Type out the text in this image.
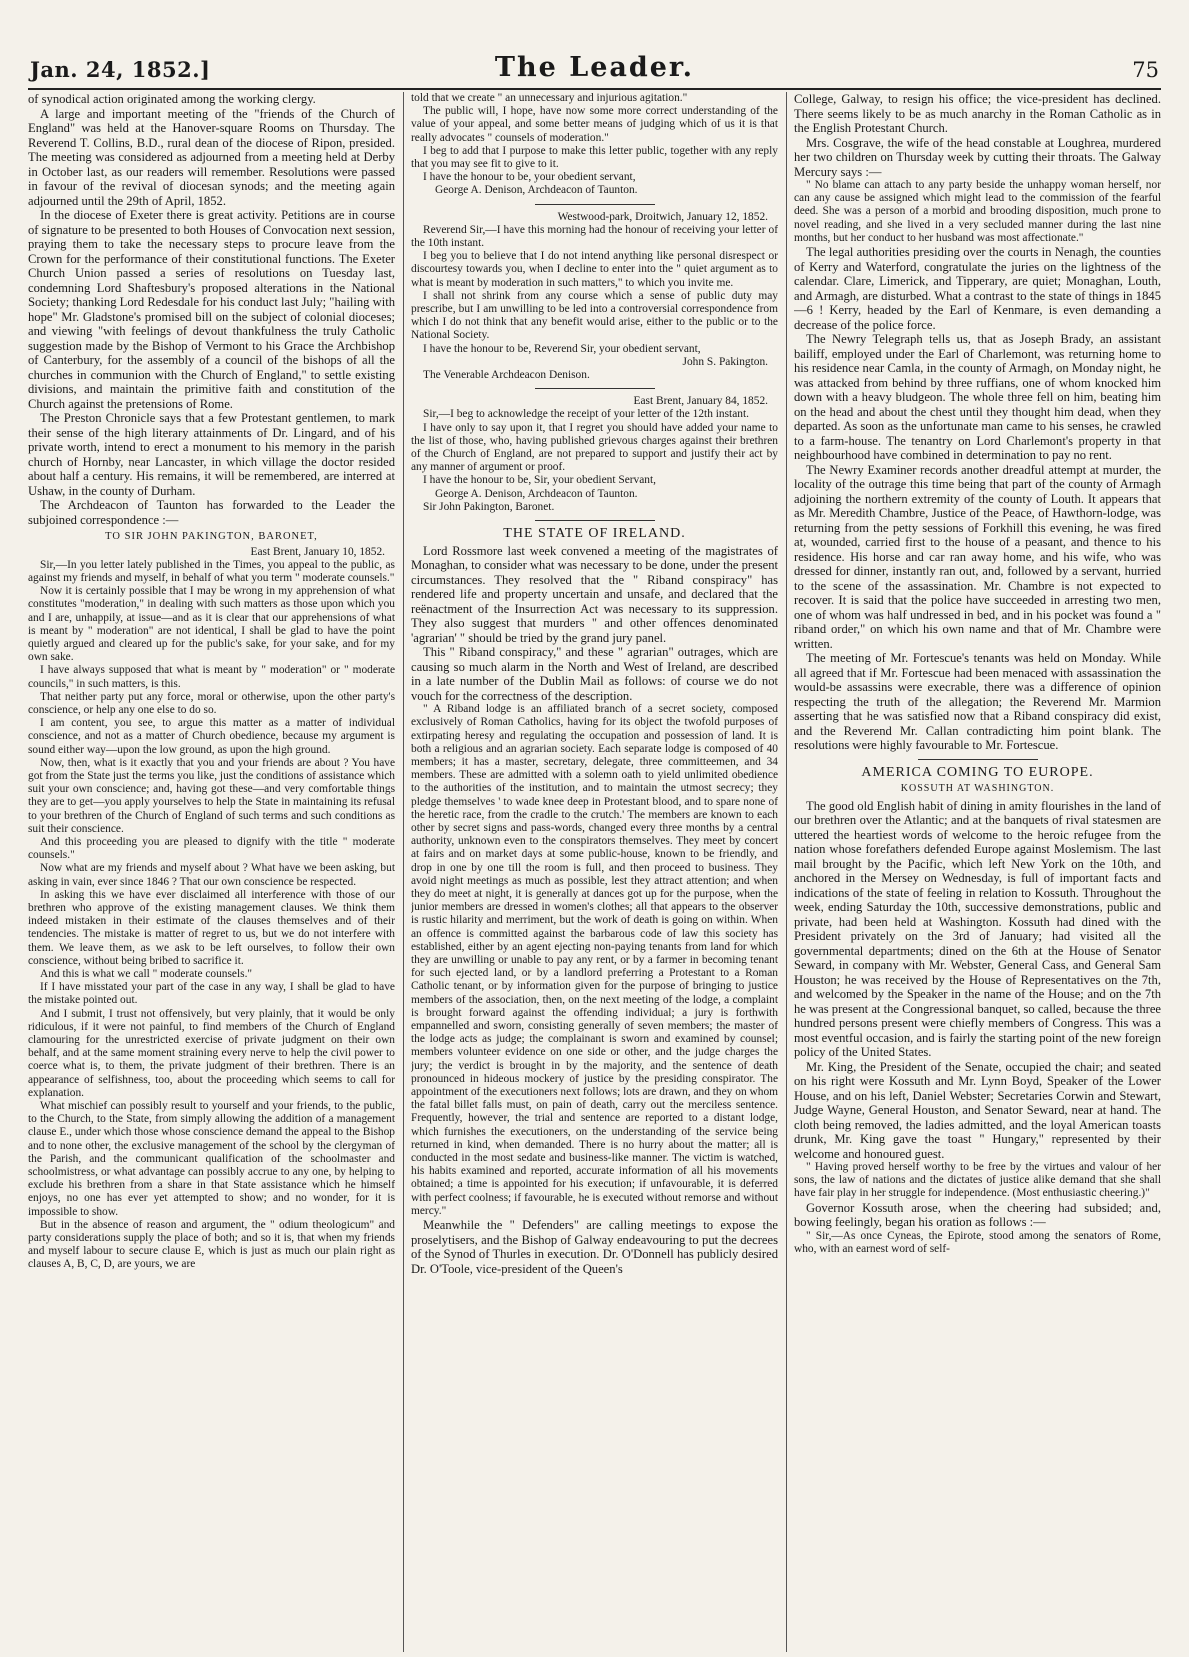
Jan. 24, 1852.]	The Leader.	75

of synodical action originated among the working clergy.

A large and important meeting of the "friends of the Church of England" was held at the Hanover-square Rooms on Thursday. The Reverend T. Collins, B.D., rural dean of the diocese of Ripon, presided. The meeting was considered as adjourned from a meeting held at Derby in October last, as our readers will remember. Resolutions were passed in favour of the revival of diocesan synods; and the meeting again adjourned until the 29th of April, 1852.

In the diocese of Exeter there is great activity. Petitions are in course of signature to be presented to both Houses of Convocation next session, praying them to take the necessary steps to procure leave from the Crown for the performance of their constitutional functions. The Exeter Church Union passed a series of resolutions on Tuesday last, condemning Lord Shaftesbury's proposed alterations in the National Society; thanking Lord Redesdale for his conduct last July; "hailing with hope" Mr. Gladstone's promised bill on the subject of colonial dioceses; and viewing "with feelings of devout thankfulness the truly Catholic suggestion made by the Bishop of Vermont to his Grace the Archbishop of Canterbury, for the assembly of a council of the bishops of all the churches in communion with the Church of England," to settle existing divisions, and maintain the primitive faith and constitution of the Church against the pretensions of Rome.

The Preston Chronicle says that a few Protestant gentlemen, to mark their sense of the high literary attainments of Dr. Lingard, and of his private worth, intend to erect a monument to his memory in the parish church of Hornby, near Lancaster, in which village the doctor resided about half a century. His remains, it will be remembered, are interred at Ushaw, in the county of Durham.

The Archdeacon of Taunton has forwarded to the Leader the subjoined correspondence :—

TO SIR JOHN PAKINGTON, BARONET,

East Brent, January 10, 1852.

Sir,—In you letter lately published in the Times, you appeal to the public, as against my friends and myself, in behalf of what you term " moderate counsels."

Now it is certainly possible that I may be wrong in my apprehension of what constitutes "moderation," in dealing with such matters as those upon which you and I are, unhappily, at issue—and as it is clear that our apprehensions of what is meant by " moderation" are not identical, I shall be glad to have the point quietly argued and cleared up for the public's sake, for your sake, and for my own sake.

I have always supposed that what is meant by " moderation" or " moderate councils," in such matters, is this.

That neither party put any force, moral or otherwise, upon the other party's conscience, or help any one else to do so.

I am content, you see, to argue this matter as a matter of individual conscience, and not as a matter of Church obedience, because my argument is sound either way—upon the low ground, as upon the high ground.

Now, then, what is it exactly that you and your friends are about ? You have got from the State just the terms you like, just the conditions of assistance which suit your own conscience; and, having got these—and very comfortable things they are to get—you apply yourselves to help the State in maintaining its refusal to your brethren of the Church of England of such terms and such conditions as suit their conscience.

And this proceeding you are pleased to dignify with the title " moderate counsels."

Now what are my friends and myself about ? What have we been asking, but asking in vain, ever since 1846 ? That our own conscience be respected.

In asking this we have ever disclaimed all interference with those of our brethren who approve of the existing management clauses. We think them indeed mistaken in their estimate of the clauses themselves and of their tendencies. The mistake is matter of regret to us, but we do not interfere with them. We leave them, as we ask to be left ourselves, to follow their own conscience, without being bribed to sacrifice it.

And this is what we call " moderate counsels."

If I have misstated your part of the case in any way, I shall be glad to have the mistake pointed out.

And I submit, I trust not offensively, but very plainly, that it would be only ridiculous, if it were not painful, to find members of the Church of England clamouring for the unrestricted exercise of private judgment on their own behalf, and at the same moment straining every nerve to help the civil power to coerce what is, to them, the private judgment of their brethren. There is an appearance of selfishness, too, about the proceeding which seems to call for explanation.

What mischief can possibly result to yourself and your friends, to the public, to the Church, to the State, from simply allowing the addition of a management clause E., under which those whose conscience demand the appeal to the Bishop and to none other, the exclusive management of the school by the clergyman of the Parish, and the communicant qualification of the schoolmaster and schoolmistress, or what advantage can possibly accrue to any one, by helping to exclude his brethren from a share in that State assistance which he himself enjoys, no one has ever yet attempted to show; and no wonder, for it is impossible to show.

But in the absence of reason and argument, the " odium theologicum" and party considerations supply the place of both; and so it is, that when my friends and myself labour to secure clause E, which is just as much our plain right as clauses A, B, C, D, are yours, we are

told that we create " an unnecessary and injurious agitation."

The public will, I hope, have now some more correct understanding of the value of your appeal, and some better means of judging which of us it is that really advocates " counsels of moderation."

I beg to add that I purpose to make this letter public, together with any reply that you may see fit to give to it.

I have the honour to be, your obedient servant,

George A. Denison, Archdeacon of Taunton.

Westwood-park, Droitwich, January 12, 1852.

Reverend Sir,—I have this morning had the honour of receiving your letter of the 10th instant.

I beg you to believe that I do not intend anything like personal disrespect or discourtesy towards you, when I decline to enter into the " quiet argument as to what is meant by moderation in such matters," to which you invite me.

I shall not shrink from any course which a sense of public duty may prescribe, but I am unwilling to be led into a controversial correspondence from which I do not think that any benefit would arise, either to the public or to the National Society.

I have the honour to be, Reverend Sir, your obedient servant,

John S. Pakington.

The Venerable Archdeacon Denison.

East Brent, January 84, 1852.

Sir,—I beg to acknowledge the receipt of your letter of the 12th instant.

I have only to say upon it, that I regret you should have added your name to the list of those, who, having published grievous charges against their brethren of the Church of England, are not prepared to support and justify their act by any manner of argument or proof.

I have the honour to be, Sir, your obedient Servant,

George A. Denison, Archdeacon of Taunton.

Sir John Pakington, Baronet.

THE STATE OF IRELAND.

Lord Rossmore last week convened a meeting of the magistrates of Monaghan, to consider what was necessary to be done, under the present circumstances. They resolved that the " Riband conspiracy" has rendered life and property uncertain and unsafe, and declared that the reënactment of the Insurrection Act was necessary to its suppression. They also suggest that murders " and other offences denominated 'agrarian' " should be tried by the grand jury panel.

This " Riband conspiracy," and these " agrarian" outrages, which are causing so much alarm in the North and West of Ireland, are described in a late number of the Dublin Mail as follows: of course we do not vouch for the correctness of the description.

" A Riband lodge is an affiliated branch of a secret society, composed exclusively of Roman Catholics, having for its object the twofold purposes of extirpating heresy and regulating the occupation and possession of land. It is both a religious and an agrarian society. Each separate lodge is composed of 40 members; it has a master, secretary, delegate, three committeemen, and 34 members. These are admitted with a solemn oath to yield unlimited obedience to the authorities of the institution, and to maintain the utmost secrecy; they pledge themselves ' to wade knee deep in Protestant blood, and to spare none of the heretic race, from the cradle to the crutch.' The members are known to each other by secret signs and pass-words, changed every three months by a central authority, unknown even to the conspirators themselves. They meet by concert at fairs and on market days at some public-house, known to be friendly, and drop in one by one till the room is full, and then proceed to business. They avoid night meetings as much as possible, lest they attract attention; and when they do meet at night, it is generally at dances got up for the purpose, when the junior members are dressed in women's clothes; all that appears to the observer is rustic hilarity and merriment, but the work of death is going on within. When an offence is committed against the barbarous code of law this society has established, either by an agent ejecting non-paying tenants from land for which they are unwilling or unable to pay any rent, or by a farmer in becoming tenant for such ejected land, or by a landlord preferring a Protestant to a Roman Catholic tenant, or by information given for the purpose of bringing to justice members of the association, then, on the next meeting of the lodge, a complaint is brought forward against the offending individual; a jury is forthwith empannelled and sworn, consisting generally of seven members; the master of the lodge acts as judge; the complainant is sworn and examined by counsel; members volunteer evidence on one side or other, and the judge charges the jury; the verdict is brought in by the majority, and the sentence of death pronounced in hideous mockery of justice by the presiding conspirator. The appointment of the executioners next follows; lots are drawn, and they on whom the fatal billet falls must, on pain of death, carry out the merciless sentence. Frequently, however, the trial and sentence are reported to a distant lodge, which furnishes the executioners, on the understanding of the service being returned in kind, when demanded. There is no hurry about the matter; all is conducted in the most sedate and business-like manner. The victim is watched, his habits examined and reported, accurate information of all his movements obtained; a time is appointed for his execution; if unfavourable, it is deferred with perfect coolness; if favourable, he is executed without remorse and without mercy."

Meanwhile the " Defenders" are calling meetings to expose the proselytisers, and the Bishop of Galway endeavouring to put the decrees of the Synod of Thurles in execution. Dr. O'Donnell has publicly desired Dr. O'Toole, vice-president of the Queen's

College, Galway, to resign his office; the vice-president has declined. There seems likely to be as much anarchy in the Roman Catholic as in the English Protestant Church.

Mrs. Cosgrave, the wife of the head constable at Loughrea, murdered her two children on Thursday week by cutting their throats. The Galway Mercury says :—

" No blame can attach to any party beside the unhappy woman herself, nor can any cause be assigned which might lead to the commission of the fearful deed. She was a person of a morbid and brooding disposition, much prone to novel reading, and she lived in a very secluded manner during the last nine months, but her conduct to her husband was most affectionate."

The legal authorities presiding over the courts in Nenagh, the counties of Kerry and Waterford, congratulate the juries on the lightness of the calendar. Clare, Limerick, and Tipperary, are quiet; Monaghan, Louth, and Armagh, are disturbed. What a contrast to the state of things in 1845—6 ! Kerry, headed by the Earl of Kenmare, is even demanding a decrease of the police force.

The Newry Telegraph tells us, that as Joseph Brady, an assistant bailiff, employed under the Earl of Charlemont, was returning home to his residence near Camla, in the county of Armagh, on Monday night, he was attacked from behind by three ruffians, one of whom knocked him down with a heavy bludgeon. The whole three fell on him, beating him on the head and about the chest until they thought him dead, when they departed. As soon as the unfortunate man came to his senses, he crawled to a farm-house. The tenantry on Lord Charlemont's property in that neighbourhood have combined in determination to pay no rent.

The Newry Examiner records another dreadful attempt at murder, the locality of the outrage this time being that part of the county of Armagh adjoining the northern extremity of the county of Louth. It appears that as Mr. Meredith Chambre, Justice of the Peace, of Hawthorn-lodge, was returning from the petty sessions of Forkhill this evening, he was fired at, wounded, carried first to the house of a peasant, and thence to his residence. His horse and car ran away home, and his wife, who was dressed for dinner, instantly ran out, and, followed by a servant, hurried to the scene of the assassination. Mr. Chambre is not expected to recover. It is said that the police have succeeded in arresting two men, one of whom was half undressed in bed, and in his pocket was found a " riband order," on which his own name and that of Mr. Chambre were written.

The meeting of Mr. Fortescue's tenants was held on Monday. While all agreed that if Mr. Fortescue had been menaced with assassination the would-be assassins were execrable, there was a difference of opinion respecting the truth of the allegation; the Reverend Mr. Marmion asserting that he was satisfied now that a Riband conspiracy did exist, and the Reverend Mr. Callan contradicting him point blank. The resolutions were highly favourable to Mr. Fortescue.

AMERICA COMING TO EUROPE.
KOSSUTH AT WASHINGTON.

The good old English habit of dining in amity flourishes in the land of our brethren over the Atlantic; and at the banquets of rival statesmen are uttered the heartiest words of welcome to the heroic refugee from the nation whose forefathers defended Europe against Moslemism. The last mail brought by the Pacific, which left New York on the 10th, and anchored in the Mersey on Wednesday, is full of important facts and indications of the state of feeling in relation to Kossuth. Throughout the week, ending Saturday the 10th, successive demonstrations, public and private, had been held at Washington. Kossuth had dined with the President privately on the 3rd of January; had visited all the governmental departments; dined on the 6th at the House of Senator Seward, in company with Mr. Webster, General Cass, and General Sam Houston; he was received by the House of Representatives on the 7th, and welcomed by the Speaker in the name of the House; and on the 7th he was present at the Congressional banquet, so called, because the three hundred persons present were chiefly members of Congress. This was a most eventful occasion, and is fairly the starting point of the new foreign policy of the United States.

Mr. King, the President of the Senate, occupied the chair; and seated on his right were Kossuth and Mr. Lynn Boyd, Speaker of the Lower House, and on his left, Daniel Webster; Secretaries Corwin and Stewart, Judge Wayne, General Houston, and Senator Seward, near at hand. The cloth being removed, the ladies admitted, and the loyal American toasts drunk, Mr. King gave the toast " Hungary," represented by their welcome and honoured guest.

" Having proved herself worthy to be free by the virtues and valour of her sons, the law of nations and the dictates of justice alike demand that she shall have fair play in her struggle for independence. (Most enthusiastic cheering.)"

Governor Kossuth arose, when the cheering had subsided; and, bowing feelingly, began his oration as follows :—

" Sir,—As once Cyneas, the Epirote, stood among the senators of Rome, who, with an earnest word of self-
